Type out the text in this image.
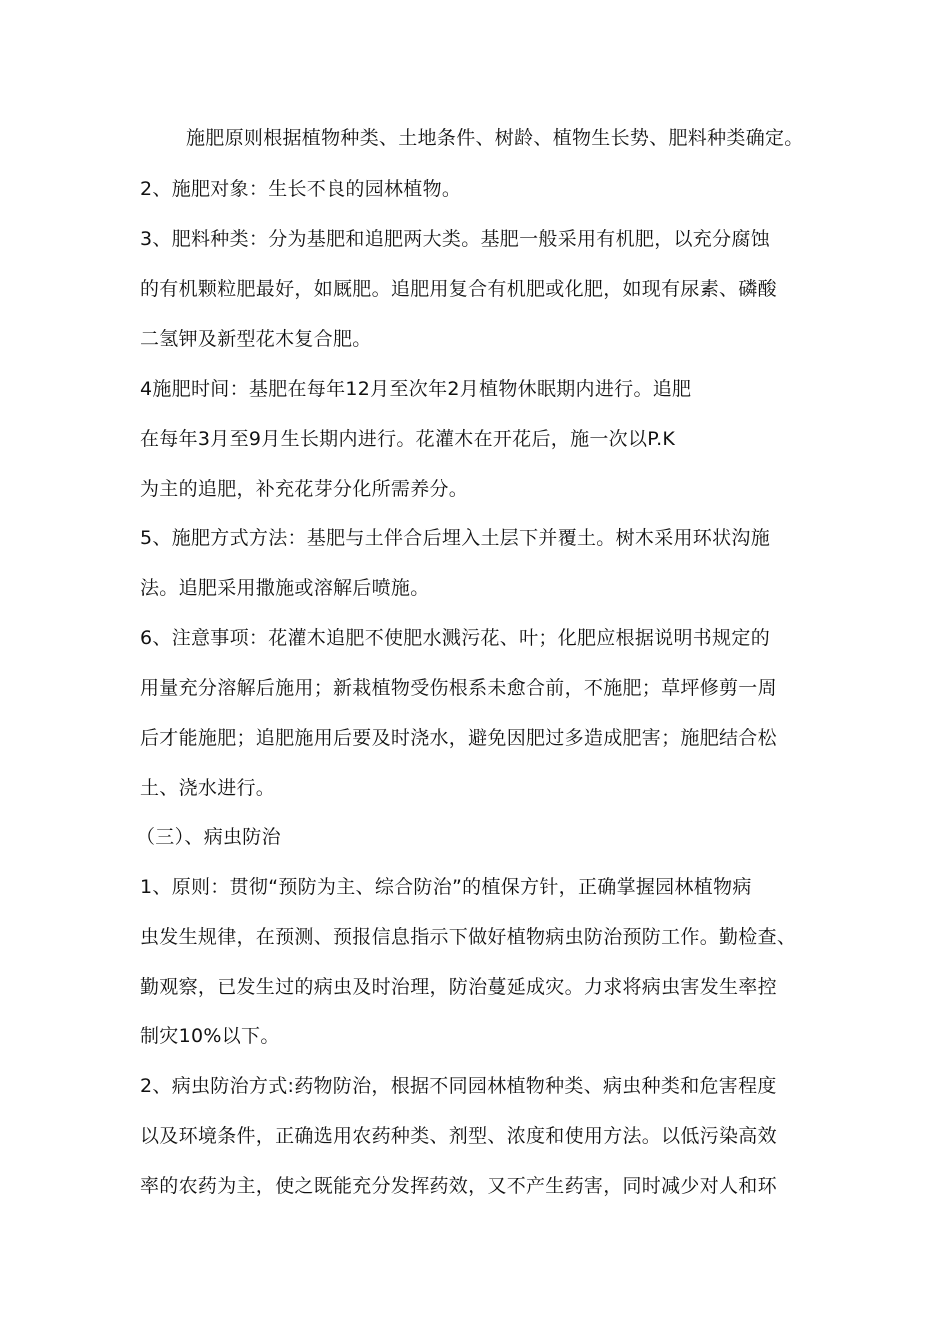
施肥原则根据植物种类、土地条件、树龄、植物生长势、肥料种类确定。
2、施肥对象：生长不良的园林植物。
3、肥料种类：分为基肥和追肥两大类。基肥一般采用有机肥，以充分腐蚀
的有机颗粒肥最好，如厩肥。追肥用复合有机肥或化肥，如现有尿素、磷酸
二氢钾及新型花木复合肥。
4施肥时间：基肥在每年12月至次年2月植物休眠期内进行。追肥
在每年3月至9月生长期内进行。花灌木在开花后，施一次以P.K
为主的追肥，补充花芽分化所需养分。
5、施肥方式方法：基肥与土伴合后埋入土层下并覆土。树木采用环状沟施
法。追肥采用撒施或溶解后喷施。
6、注意事项：花灌木追肥不使肥水溅污花、叶；化肥应根据说明书规定的
用量充分溶解后施用；新栽植物受伤根系未愈合前，不施肥；草坪修剪一周
后才能施肥；追肥施用后要及时浇水，避免因肥过多造成肥害；施肥结合松
土、浇水进行。
（三）、病虫防治
1、原则：贯彻“预防为主、综合防治”的植保方针，正确掌握园林植物病
虫发生规律，在预测、预报信息指示下做好植物病虫防治预防工作。勤检查、
勤观察，已发生过的病虫及时治理，防治蔓延成灾。力求将病虫害发生率控
制灾10%以下。
2、病虫防治方式:药物防治，根据不同园林植物种类、病虫种类和危害程度
以及环境条件，正确选用农药种类、剂型、浓度和使用方法。以低污染高效
率的农药为主，使之既能充分发挥药效，又不产生药害，同时减少对人和环
